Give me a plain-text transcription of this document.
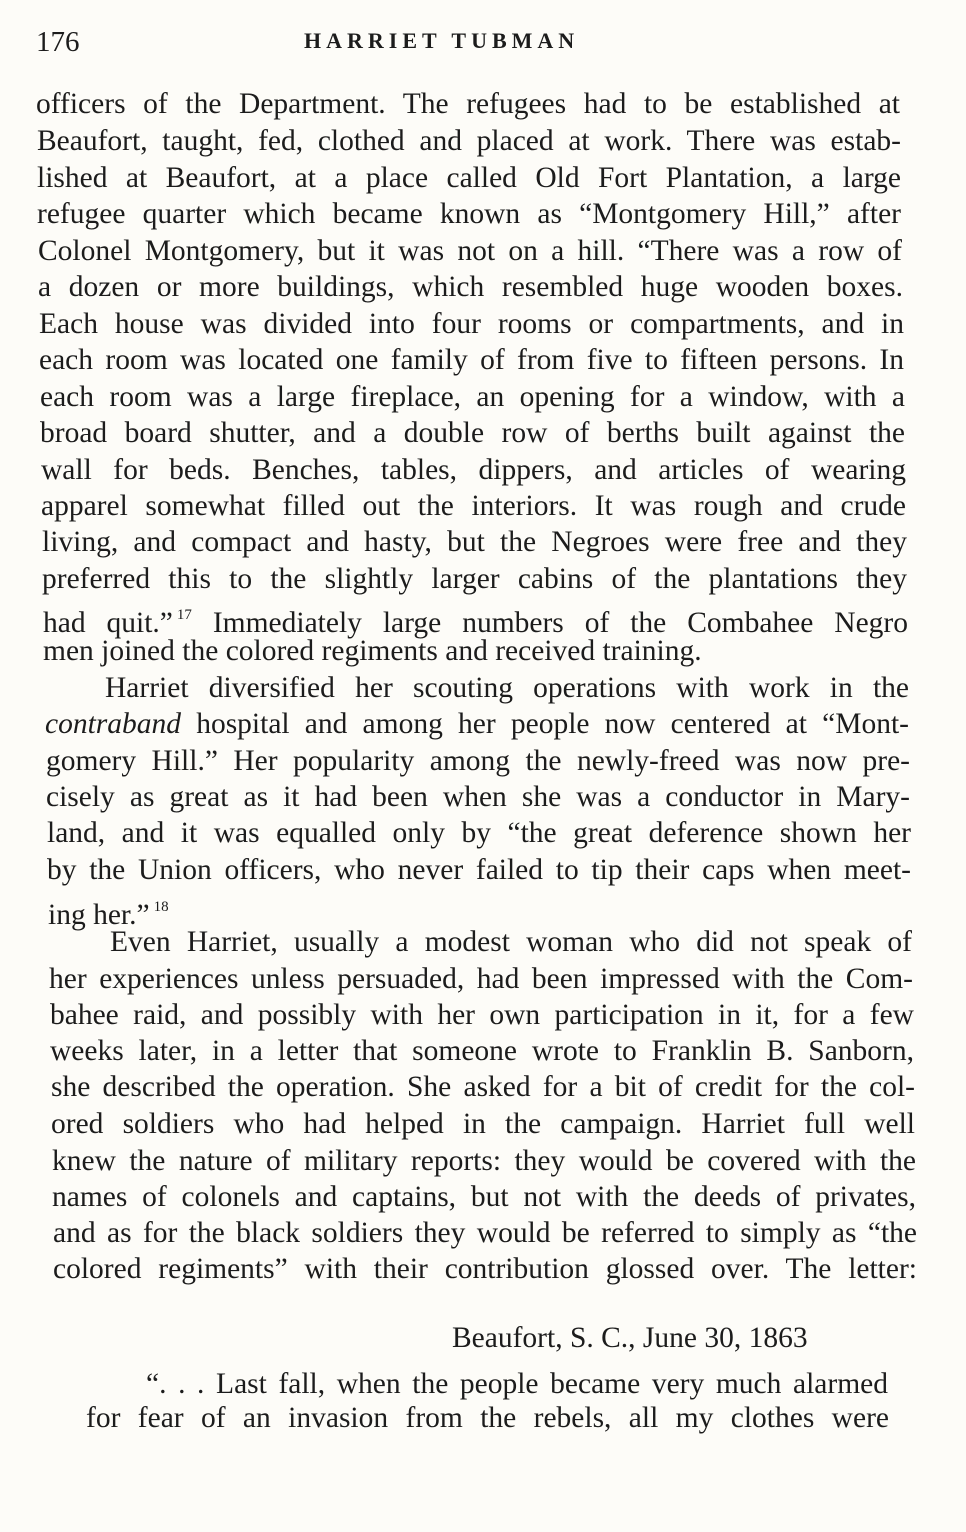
176	HARRIET TUBMAN
officers of the Department. The refugees had to be established at
Beaufort, taught, fed, clothed and placed at work. There was estab-
lished at Beaufort, at a place called Old Fort Plantation, a large
refugee quarter which became known as “Montgomery Hill,” after
Colonel Montgomery, but it was not on a hill. “There was a row of
a dozen or more buildings, which resembled huge wooden boxes.
Each house was divided into four rooms or compartments, and in
each room was located one family of from five to fifteen persons. In
each room was a large fireplace, an opening for a window, with a
broad board shutter, and a double row of berths built against the
wall for beds. Benches, tables, dippers, and articles of wearing
apparel somewhat filled out the interiors. It was rough and crude
living, and compact and hasty, but the Negroes were free and they
preferred this to the slightly larger cabins of the plantations they
had quit.” $^{17}$ Immediately large numbers of the Combahee Negro
men joined the colored regiments and received training.
Harriet diversified her scouting operations with work in the
contraband hospital and among her people now centered at “Mont-
gomery Hill.” Her popularity among the newly-freed was now pre-
cisely as great as it had been when she was a conductor in Mary-
land, and it was equalled only by “the great deference shown her
by the Union officers, who never failed to tip their caps when meet-
ing her.” $^{18}$
Even Harriet, usually a modest woman who did not speak of
her experiences unless persuaded, had been impressed with the Com-
bahee raid, and possibly with her own participation in it, for a few
weeks later, in a letter that someone wrote to Franklin B. Sanborn,
she described the operation. She asked for a bit of credit for the col-
ored soldiers who had helped in the campaign. Harriet full well
knew the nature of military reports: they would be covered with the
names of colonels and captains, but not with the deeds of privates,
and as for the black soldiers they would be referred to simply as “the
colored regiments” with their contribution glossed over. The letter:
Beaufort, S. C., June 30, 1863
“. . . Last fall, when the people became very much alarmed
for fear of an invasion from the rebels, all my clothes were
